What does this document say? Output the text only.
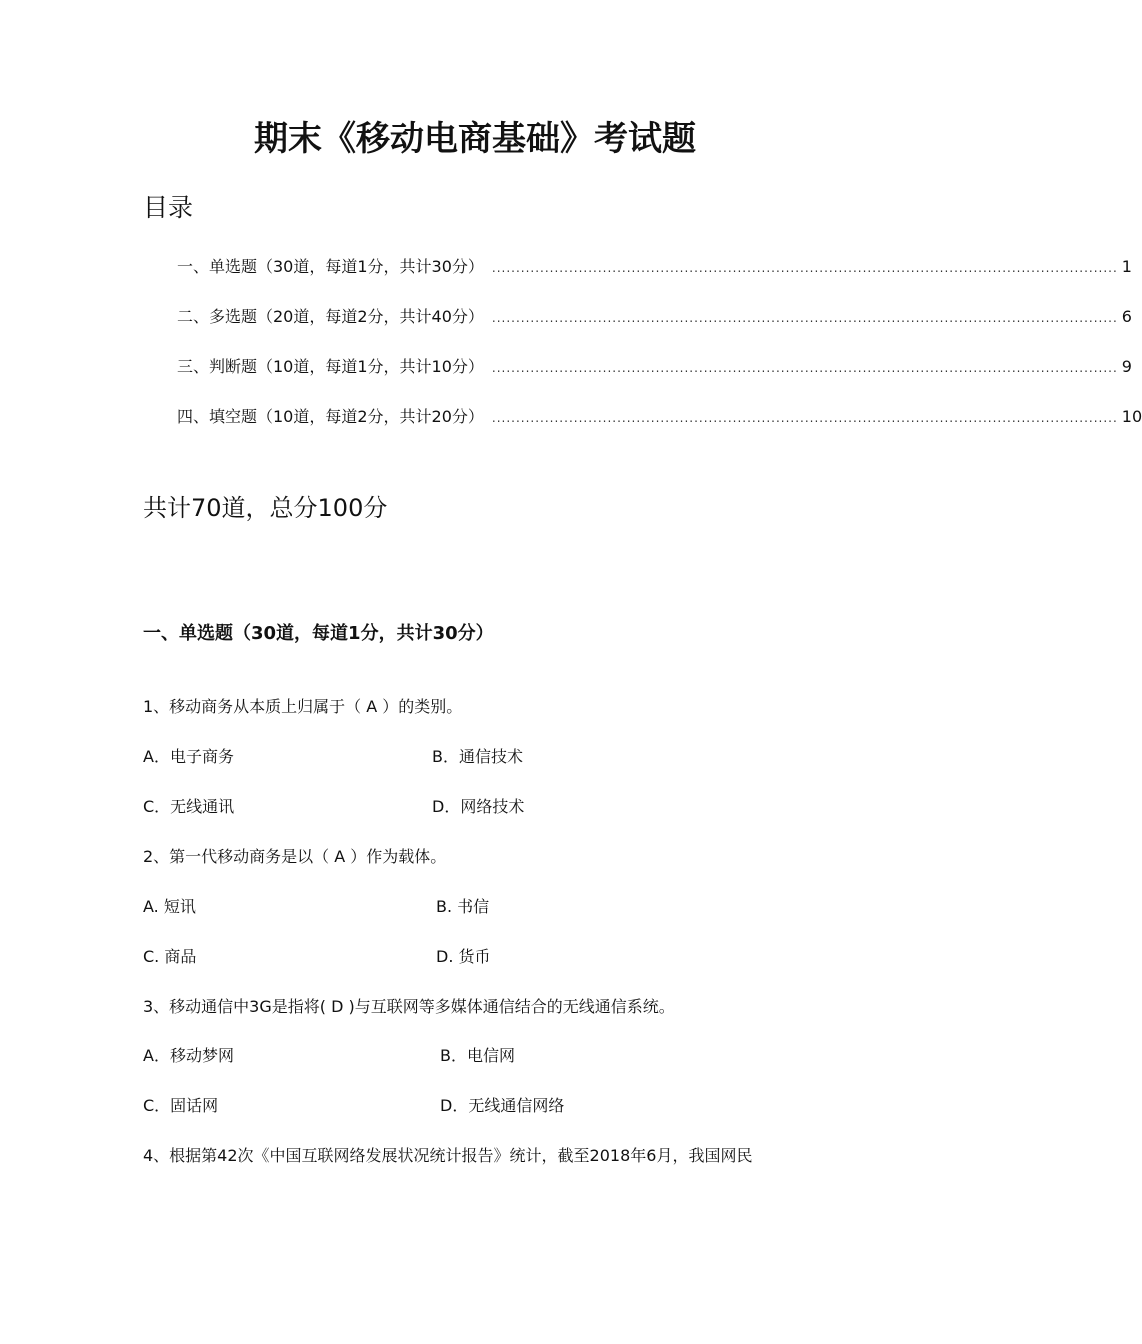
期末《移动电商基础》考试题
目录
一、单选题（30道，每道1分，共计30分） .................................................................................................................................. 1
二、多选题（20道，每道2分，共计40分） .................................................................................................................................. 6
三、判断题（10道，每道1分，共计10分） .................................................................................................................................. 9
四、填空题（10道，每道2分，共计20分） .................................................................................................................................. 10
共计70道，总分100分
一、单选题（30道，每道1分，共计30分）
1、移动商务从本质上归属于（ A ）的类别。
A．电子商务	B．通信技术
C．无线通讯	D．网络技术
2、第一代移动商务是以（ A ）作为载体。
A. 短讯	B. 书信
C. 商品	D. 货币
3、移动通信中3G是指将( D )与互联网等多媒体通信结合的无线通信系统。
A．移动梦网	B．电信网
C．固话网	D．无线通信网络
4、根据第42次《中国互联网络发展状况统计报告》统计，截至2018年6月，我国网民
